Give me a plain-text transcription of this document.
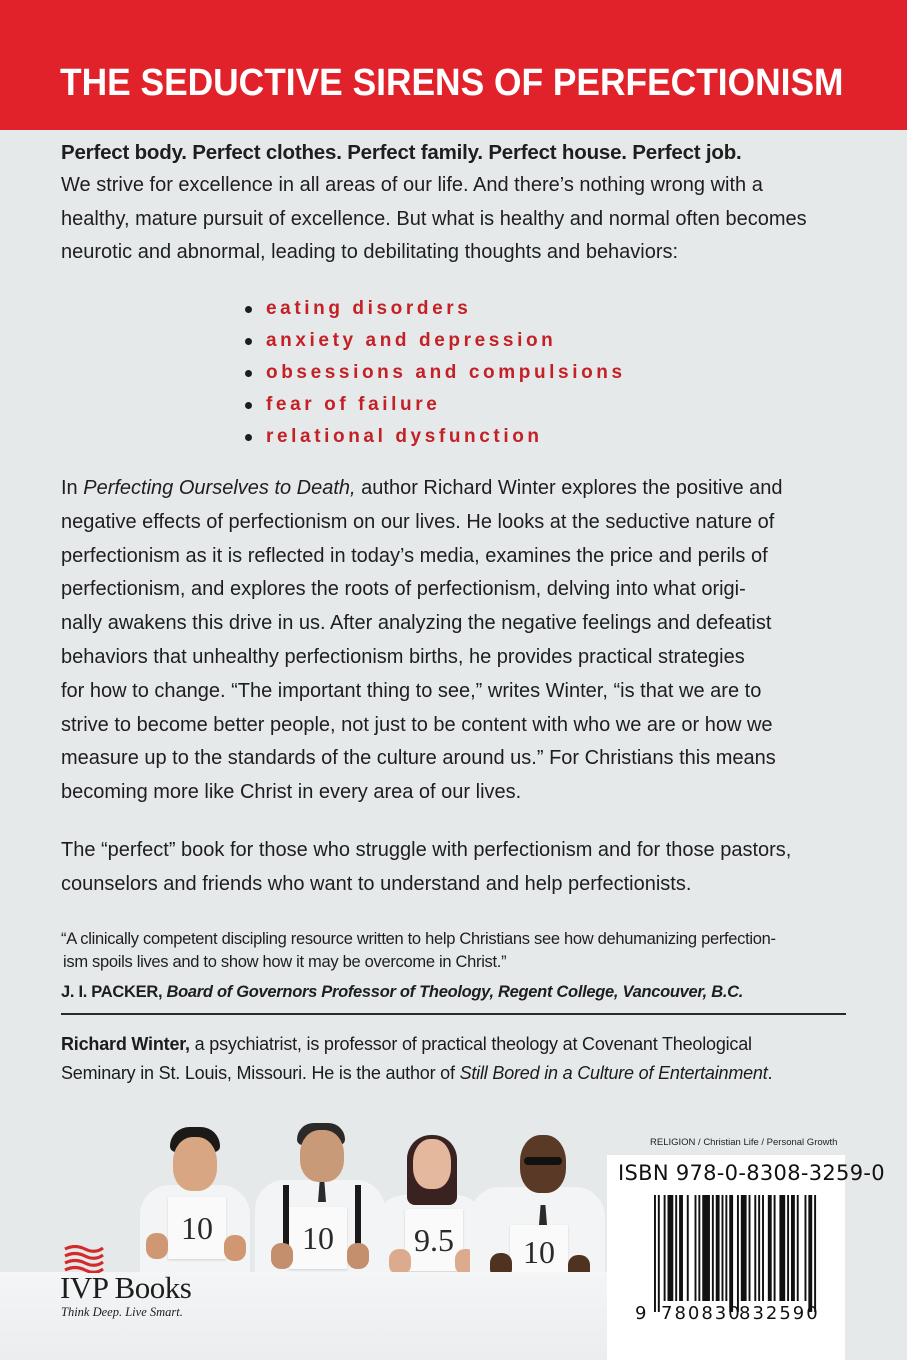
THE SEDUCTIVE SIRENS OF PERFECTIONISM
Perfect body. Perfect clothes. Perfect family. Perfect house. Perfect job.
We strive for excellence in all areas of our life. And there’s nothing wrong with a
healthy, mature pursuit of excellence. But what is healthy and normal often becomes
neurotic and abnormal, leading to debilitating thoughts and behaviors:
eating disorders
anxiety and depression
obsessions and compulsions
fear of failure
relational dysfunction
In Perfecting Ourselves to Death, author Richard Winter explores the positive and
negative effects of perfectionism on our lives. He looks at the seductive nature of
perfectionism as it is reflected in today’s media, examines the price and perils of
perfectionism, and explores the roots of perfectionism, delving into what origi-
nally awakens this drive in us. After analyzing the negative feelings and defeatist
behaviors that unhealthy perfectionism births, he provides practical strategies
for how to change. “The important thing to see,” writes Winter, “is that we are to
strive to become better people, not just to be content with who we are or how we
measure up to the standards of the culture around us.” For Christians this means
becoming more like Christ in every area of our lives.
The “perfect” book for those who struggle with perfectionism and for those pastors,
counselors and friends who want to understand and help perfectionists.
“A clinically competent discipling resource written to help Christians see how dehumanizing perfection-
ism spoils lives and to show how it may be overcome in Christ.”
J. I. PACKER, Board of Governors Professor of Theology, Regent College, Vancouver, B.C.
Richard Winter, a psychiatrist, is professor of practical theology at Covenant Theological
Seminary in St. Louis, Missouri. He is the author of Still Bored in a Culture of Entertainment.
10	10	9.5	10
IVP Books
Think Deep. Live Smart.
RELIGION / Christian Life / Personal Growth
ISBN 978-0-8308-3259-0
9 780830
832590
